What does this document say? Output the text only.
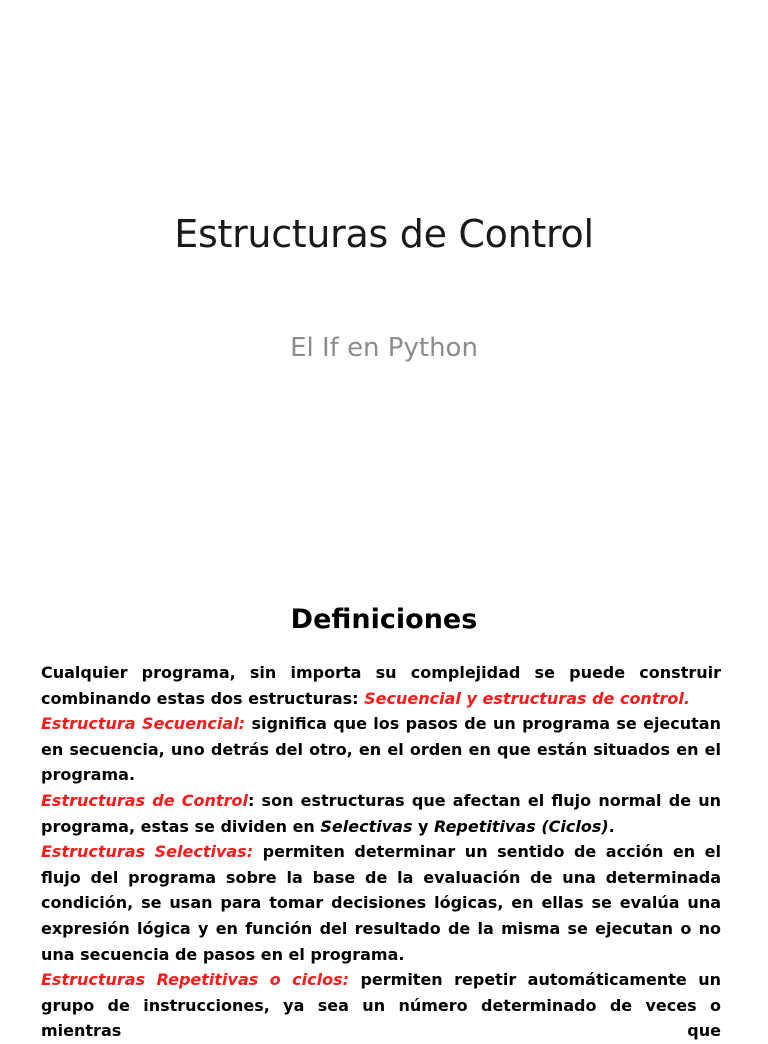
Estructuras de Control
El If en Python
Definiciones

Cualquier programa, sin importa su complejidad se puede construir combinando estas dos estructuras: Secuencial y estructuras de control.

Estructura Secuencial: significa que los pasos de un programa se ejecutan en secuencia, uno detrás del otro, en el orden en que están situados en el programa.

Estructuras de Control: son estructuras que afectan el flujo normal de un programa, estas se dividen en Selectivas y Repetitivas (Ciclos).

Estructuras Selectivas: permiten determinar un sentido de acción en el flujo del programa sobre la base de la evaluación de una determinada condición, se usan para tomar decisiones lógicas, en ellas se evalúa una expresión lógica y en función del resultado de la misma se ejecutan o no una secuencia de pasos en el programa.

Estructuras Repetitivas o ciclos: permiten repetir automáticamente un grupo de instrucciones, ya sea un número determinado de veces o mientras que
